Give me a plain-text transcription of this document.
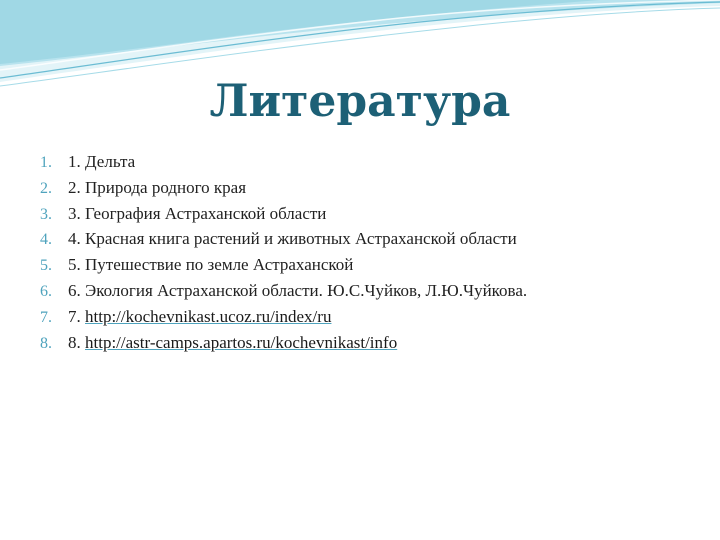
Литература
1. 1. Дельта
2. 2. Природа родного края
3. 3. География Астраханской области
4. 4. Красная книга растений и животных Астраханской области
5. 5. Путешествие по земле Астраханской
6. 6. Экология Астраханской области. Ю.С.Чуйков, Л.Ю.Чуйкова.
7. 7. http://kochevnikast.ucoz.ru/index/ru
8. 8. http://astr-camps.apartos.ru/kochevnikast/info
